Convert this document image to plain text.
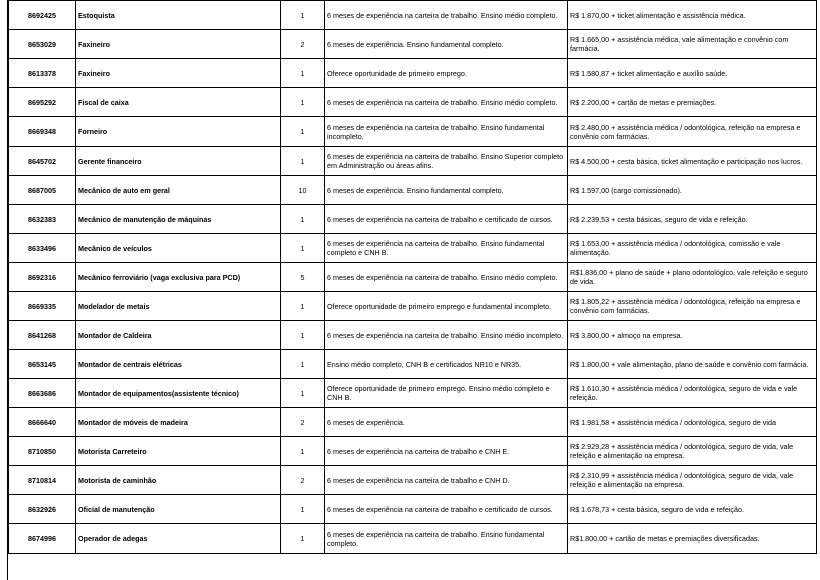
8692425	Estoquista	1	6 meses de experiência na carteira de trabalho. Ensino médio completo.	R$ 1.870,00 + ticket alimentação e assistência médica.
8653029	Faxineiro	2	6 meses de experiência. Ensino fundamental completo.	R$ 1.665,00 + assistência médica, vale alimentação e convênio com farmácia.
8613378	Faxineiro	1	Oferece oportunidade de primeiro emprego.	R$ 1.580,87 + ticket alimentação e auxílio saúde.
8695292	Fiscal de caixa	1	6 meses de experiência na carteira de trabalho. Ensino médio completo.	R$ 2.200,00 + cartão de metas e premiações.
8669348	Forneiro	1	6 meses de experiência na carteira de trabalho. Ensino fundamental incompleto.	R$ 2.480,00 + assistência médica / odontológica, refeição na empresa e convênio com farmácias.
8645702	Gerente financeiro	1	6 meses de experiência na carteira de trabalho. Ensino Superior completo em Administração ou áreas afins.	R$ 4.500,00 + cesta básica, ticket alimentação e participação nos lucros.
8687005	Mecânico de auto em geral	10	6 meses de experiência. Ensino fundamental completo.	R$ 1.597,00 (cargo comissionado).
8632383	Mecânico de manutenção de máquinas	1	6 meses de experiência na carteira de trabalho e certificado de cursos.	R$ 2.239,53 + cesta básicas, seguro de vida e refeição.
8633496	Mecânico de veículos	1	6 meses de experiência na carteira de trabalho. Ensino fundamental completo e CNH B.	R$ 1.653,00 + assistência médica / odontológica, comissão e vale alimentação.
8692316	Mecânico ferroviário (vaga exclusiva para PCD)	5	6 meses de experiência na carteira de trabalho. Ensino médio completo.	R$1.836,00 + plano de saúde + plano odontológico, vale refeição e seguro de vida.
8669335	Modelador de metais	1	Oferece oportunidade de primeiro emprego e fundamental incompleto.	R$ 1.805,22 + assistência médica / odontológica, refeição na empresa e convênio com farmácias.
8641268	Montador de Caldeira	1	6 meses de experiência na carteira de trabalho. Ensino médio incompleto.	R$ 3.800,00 + almoço na empresa.
8653145	Montador de centrais elétricas	1	Ensino médio completo, CNH B e certificados NR10 e NR35.	R$ 1.800,00 + vale alimentação, plano de saúde e convênio com farmácia.
8663686	Montador de equipamentos(assistente técnico)	1	Oferece oportunidade de primeiro emprego. Ensino médio completo e CNH B.	R$ 1.610,30 + assistência médica / odontológica, seguro de vida e vale refeição.
8666640	Montador de móveis de madeira	2	6 meses de experiência.	R$ 1.981,58 + assistência médica / odontológica, seguro de vida
8710850	Motorista Carreteiro	1	6 meses de experiência na carteira de trabalho e CNH E.	R$ 2.929,28 + assistência médica / odontológica, seguro de vida, vale refeição e alimentação na empresa.
8710814	Motorista de caminhão	2	6 meses de experiência na carteira de trabalho e CNH D.	R$ 2.310,99 + assistência médica / odontológica, seguro de vida, vale refeição e alimentação na empresa.
8632926	Oficial de manutenção	1	6 meses de experiência na carteira de trabalho e certificado de cursos.	R$ 1.678,73 + cesta básica, seguro de vida e refeição.
8674996	Operador de adegas	1	6 meses de experiência na carteira de trabalho. Ensino fundamental completo.	R$1.800,00 + cartão de metas e premiações diversificadas.
